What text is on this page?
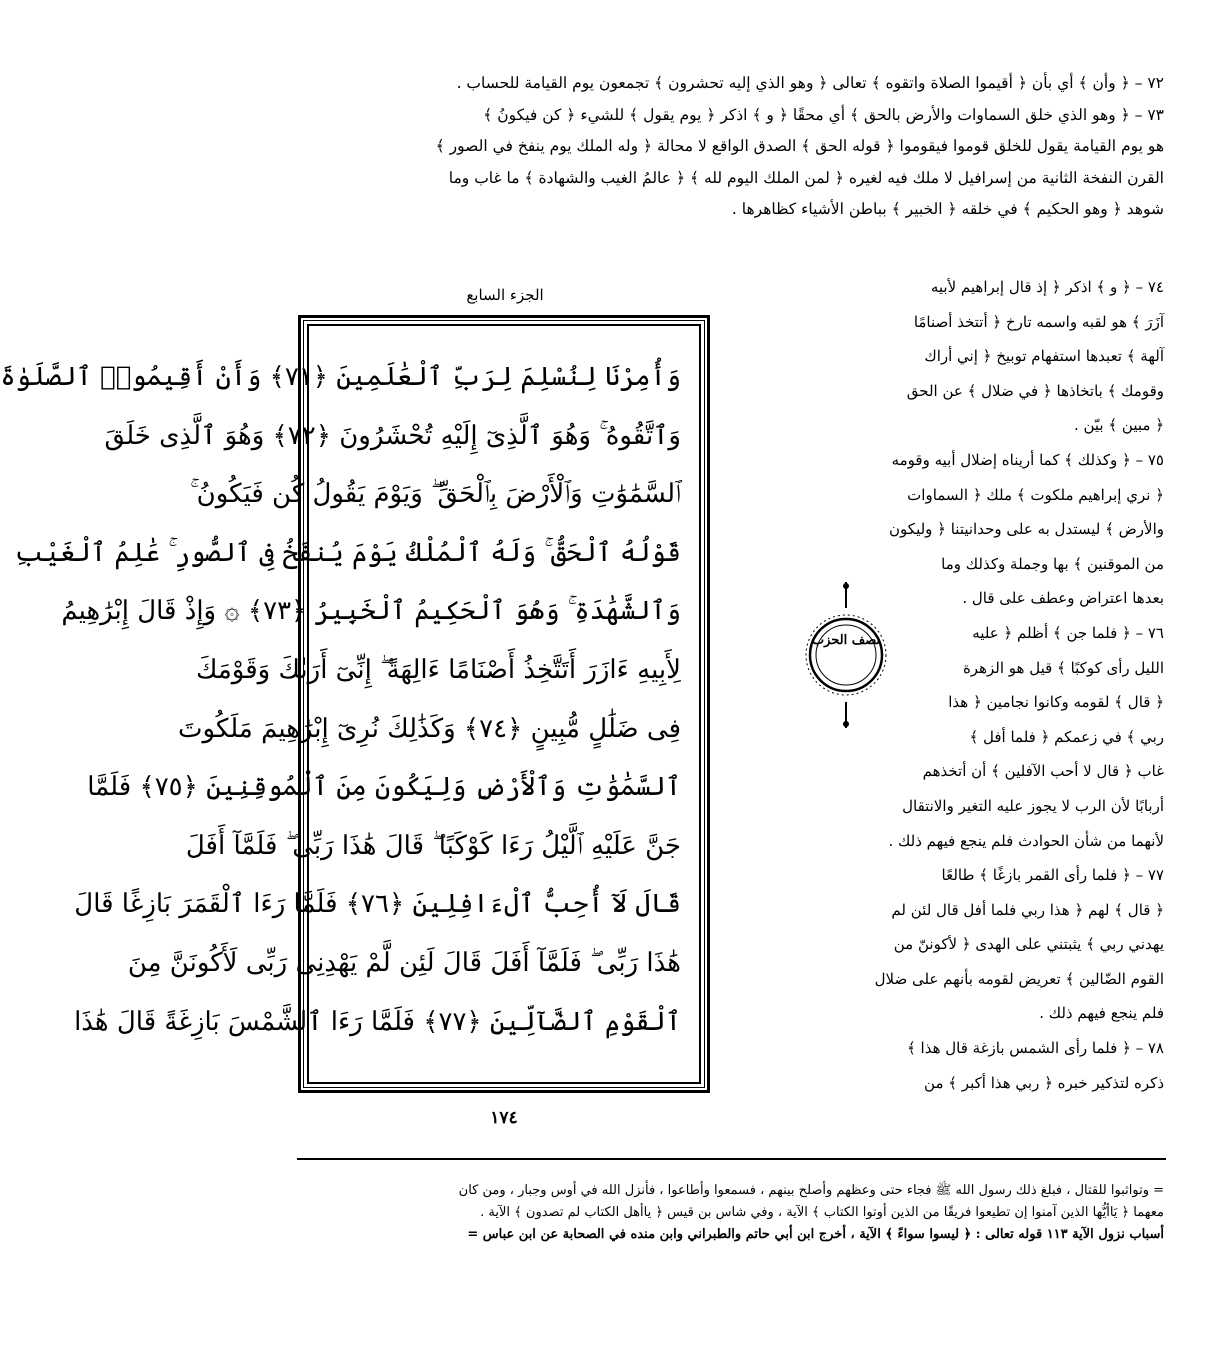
٧٢ – ﴿ وأن ﴾ أي بأن ﴿ أقيموا الصلاة واتقوه ﴾ تعالى ﴿ وهو الذي إليه تحشرون ﴾ تجمعون يوم القيامة للحساب .
٧٣ – ﴿ وهو الذي خلق السماوات والأرض بالحق ﴾ أي محقًا ﴿ و ﴾ اذكر ﴿ يوم يقول ﴾ للشيء ﴿ كن فيكونُ ﴾
هو يوم القيامة يقول للخلق قوموا فيقوموا ﴿ قوله الحق ﴾ الصدق الواقع لا محالة ﴿ وله الملك يوم ينفخ في الصور ﴾
القرن النفخة الثانية من إسرافيل لا ملك فيه لغيره ﴿ لمن الملك اليوم لله ﴾ ﴿ عالمُ الغيب والشهادة ﴾ ما غاب وما
شوهد ﴿ وهو الحكيم ﴾ في خلقه ﴿ الخبير ﴾ بباطن الأشياء كظاهرها .
الجزء السابع
وَأُمِرْنَا لِنُسْلِمَ لِرَبِّ ٱلْعَٰلَمِينَ ﴿٧١﴾ وَأَنْ أَقِيمُوا۟ ٱلصَّلَوٰةَ
وَٱتَّقُوهُ ۚ وَهُوَ ٱلَّذِىٓ إِلَيْهِ تُحْشَرُونَ ﴿٧٢﴾ وَهُوَ ٱلَّذِى خَلَقَ
ٱلسَّمَٰوَٰتِ وَٱلْأَرْضَ بِٱلْحَقِّ ۖ وَيَوْمَ يَقُولُ كُن فَيَكُونُ ۚ
قَوْلُهُ ٱلْحَقُّ ۚ وَلَهُ ٱلْمُلْكُ يَوْمَ يُنفَخُ فِى ٱلصُّورِ ۚ عَٰلِمُ ٱلْغَيْبِ
وَٱلشَّهَٰدَةِ ۚ وَهُوَ ٱلْحَكِيمُ ٱلْخَبِيرُ ﴿٧٣﴾ ۞ وَإِذْ قَالَ إِبْرَٰهِيمُ
لِأَبِيهِ ءَازَرَ أَتَتَّخِذُ أَصْنَامًا ءَالِهَةً ۖ إِنِّىٓ أَرَىٰكَ وَقَوْمَكَ
فِى ضَلَٰلٍ مُّبِينٍ ﴿٧٤﴾ وَكَذَٰلِكَ نُرِىٓ إِبْرَٰهِيمَ مَلَكُوتَ
ٱلسَّمَٰوَٰتِ وَٱلْأَرْضِ وَلِيَكُونَ مِنَ ٱلْمُوقِنِينَ ﴿٧٥﴾ فَلَمَّا
جَنَّ عَلَيْهِ ٱلَّيْلُ رَءَا كَوْكَبًا ۖ قَالَ هَٰذَا رَبِّى ۖ فَلَمَّآ أَفَلَ
قَالَ لَآ أُحِبُّ ٱلْءَافِلِينَ ﴿٧٦﴾ فَلَمَّا رَءَا ٱلْقَمَرَ بَازِغًا قَالَ
هَٰذَا رَبِّى ۖ فَلَمَّآ أَفَلَ قَالَ لَئِن لَّمْ يَهْدِنِى رَبِّى لَأَكُونَنَّ مِنَ
ٱلْقَوْمِ ٱلضَّآلِّينَ ﴿٧٧﴾ فَلَمَّا رَءَا ٱلشَّمْسَ بَازِغَةً قَالَ هَٰذَا
١٧٤
٧٤ – ﴿ و ﴾ اذكر ﴿ إذ قال إبراهيم لأبيه
آزَرَ ﴾ هو لقبه واسمه تارخ ﴿ أتتخذ أصنامًا
آلهة ﴾ تعبدها استفهام توبيخ ﴿ إني أراك
وقومك ﴾ باتخاذها ﴿ في ضلال ﴾ عن الحق
﴿ مبين ﴾ بيّن .
٧٥ – ﴿ وكذلك ﴾ كما أريناه إضلال أبيه وقومه
﴿ نري إبراهيم ملكوت ﴾ ملك ﴿ السماوات
والأرض ﴾ ليستدل به على وحدانيتنا ﴿ وليكون
من الموقنين ﴾ بها وجملة وكذلك وما
بعدها اعتراض وعطف على قال .
٧٦ – ﴿ فلما جن ﴾ أظلم ﴿ عليه
الليل رأى كوكبًا ﴾ قيل هو الزهرة
﴿ قال ﴾ لقومه وكانوا نجامين ﴿ هذا
ربي ﴾ في زعمكم ﴿ فلما أفل ﴾
غاب ﴿ قال لا أحب الآفلين ﴾ أن أتخذهم
أربابًا لأن الرب لا يجوز عليه التغير والانتقال
لأنهما من شأن الحوادث فلم ينجع فيهم ذلك .
٧٧ – ﴿ فلما رأى القمر بازغًا ﴾ طالعًا
﴿ قال ﴾ لهم ﴿ هذا ربي فلما أفل قال لئن لم
يهدني ربي ﴾ يثبتني على الهدى ﴿ لأكوننّ من
القوم الضّالين ﴾ تعريض لقومه بأنهم على ضلال
فلم ينجع فيهم ذلك .
٧٨ – ﴿ فلما رأى الشمس بازغة قال هذا ﴾
ذكره لتذكير خبره ﴿ ربي هذا أكبر ﴾ من
نصف الحزب
= وتواثبوا للقتال ، فبلغ ذلك رسول الله ﷺ فجاء حتى وعظهم وأصلح بينهم ، فسمعوا وأطاعوا ، فأنزل الله في أوس وجبار ، ومن كان
معهما ﴿ يَاأيُّها الذين آمنوا إن تطيعوا فريقًا من الذين أوتوا الكتاب ﴾ الآية ، وفي شاس بن قيس ﴿ ياأهل الكتاب لم تصدون ﴾ الآية .
أسباب نزول الآية ١١٣ قوله تعالى : ﴿ ليسوا سواءً ﴾ الآية ، أخرج ابن أبي حاتم والطبراني وابن منده في الصحابة عن ابن عباس =
